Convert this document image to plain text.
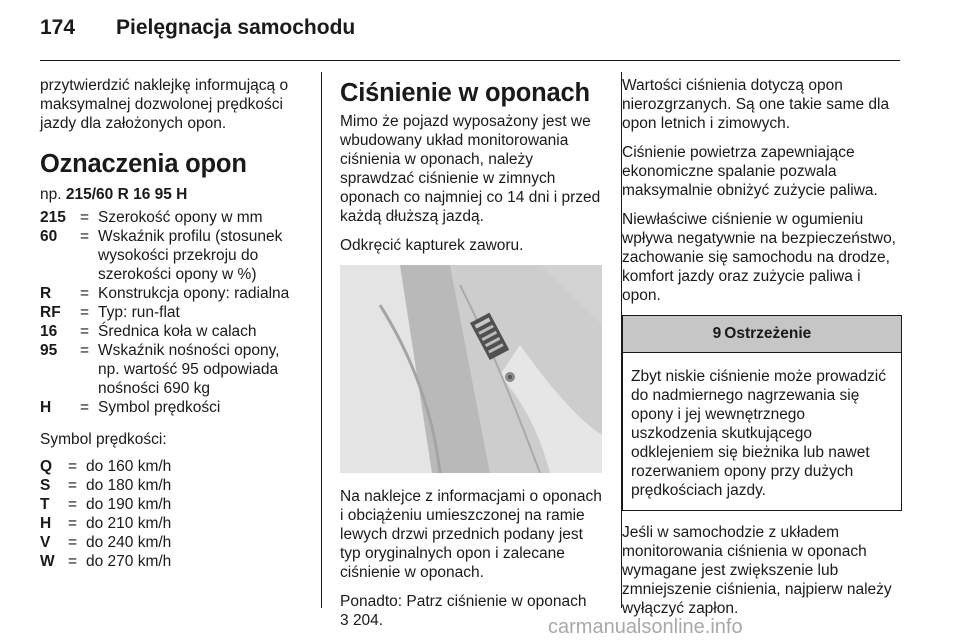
174 Pielęgnacja samochodu

przytwierdzić naklejkę informującą o maksymalnej dozwolonej prędkości jazdy dla założonych opon.

Oznaczenia opon
np. 215/60 R 16 95 H
215 = Szerokość opony w mm
60	= Wskaźnik profilu (stosunek wysokości przekroju do szerokości opony w %)
R	= Konstrukcja opony: radialna
RF	= Typ: run-flat
16	= Średnica koła w calach
95	= Wskaźnik nośności opony, np. wartość 95 odpowiada nośności 690 kg
H	= Symbol prędkości

Symbol prędkości:

Q	= do 160 km/h
S	= do 180 km/h
T	= do 190 km/h
H	= do 210 km/h
V	= do 240 km/h
W = do 270 km/h
Ciśnienie w oponach

Mimo że pojazd wyposażony jest we wbudowany układ monitorowania ciśnienia w oponach, należy sprawdzać ciśnienie w zimnych oponach co najmniej co 14 dni i przed każdą dłuższą jazdą.

Odkręcić kapturek zaworu.

Na naklejce z informacjami o oponach i obciążeniu umieszczonej na ramie lewych drzwi przednich podany jest typ oryginalnych opon i zalecane ciśnienie w oponach.

Ponadto: Patrz ciśnienie w oponach
3 204.

Wartości ciśnienia dotyczą opon nierozgrzanych. Są one takie same dla opon letnich i zimowych.

Ciśnienie powietrza zapewniające ekonomiczne spalanie pozwala maksymalnie obniżyć zużycie paliwa.

Niewłaściwe ciśnienie w ogumieniu wpływa negatywnie na bezpieczeństwo, zachowanie się samochodu na drodze, komfort jazdy oraz zużycie paliwa i opon.

9 Ostrzeżenie
Zbyt niskie ciśnienie może prowadzić do nadmiernego nagrzewania się opony i jej wewnętrznego uszkodzenia skutkującego odklejeniem się bieżnika lub nawet rozerwaniem opony przy dużych prędkościach jazdy.

Jeśli w samochodzie z układem monitorowania ciśnienia w oponach wymagane jest zwiększenie lub zmniejszenie ciśnienia, najpierw należy wyłączyć zapłon.

carmanualsonline.info
